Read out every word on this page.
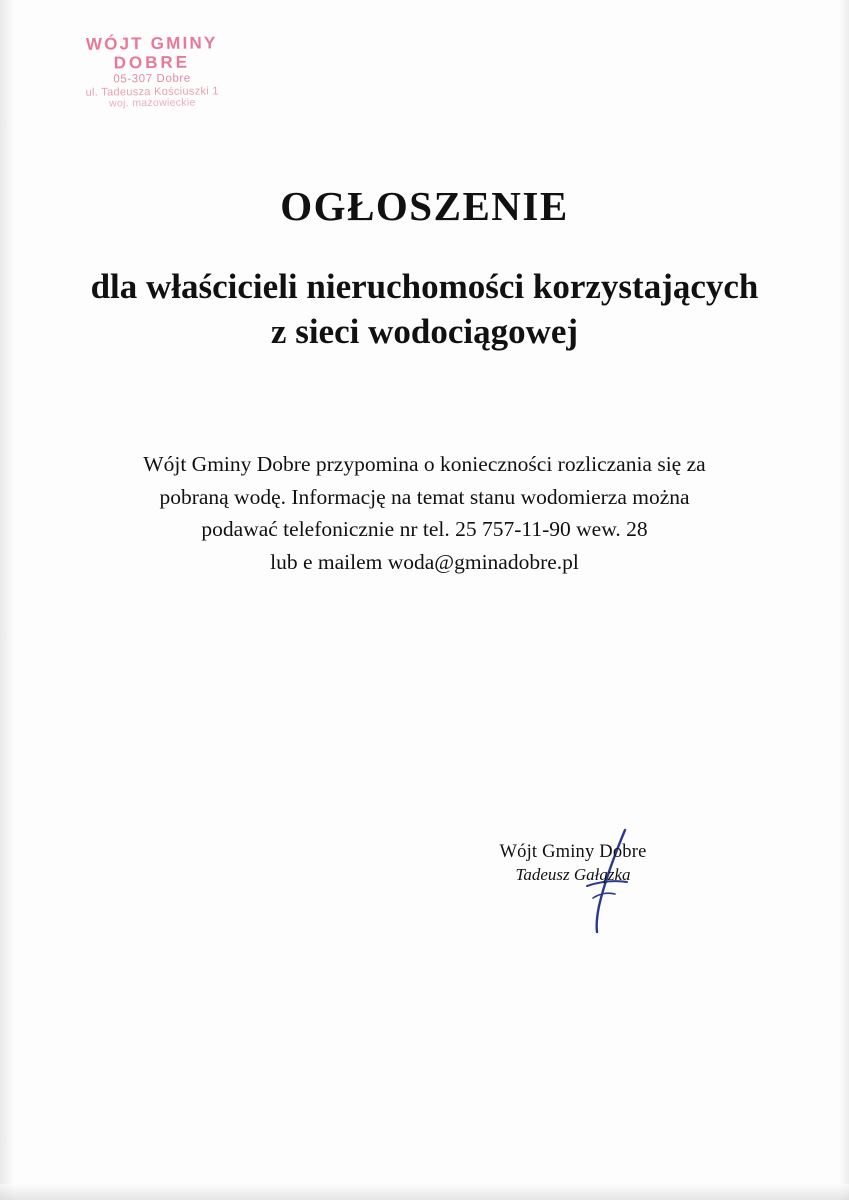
WÓJT GMINY
DOBRE
05-307 Dobre
ul. Tadeusza Kościuszki 1
woj. mazowieckie
OGŁOSZENIE
dla właścicieli nieruchomości korzystających z sieci wodociągowej
Wójt Gminy Dobre przypomina o konieczności rozliczania się za
pobraną wodę. Informację na temat stanu wodomierza można
podawać telefonicznie nr tel. 25 757-11-90 wew. 28
lub e mailem woda@gminadobre.pl
Wójt Gminy Dobre
Tadeusz Gałązka
